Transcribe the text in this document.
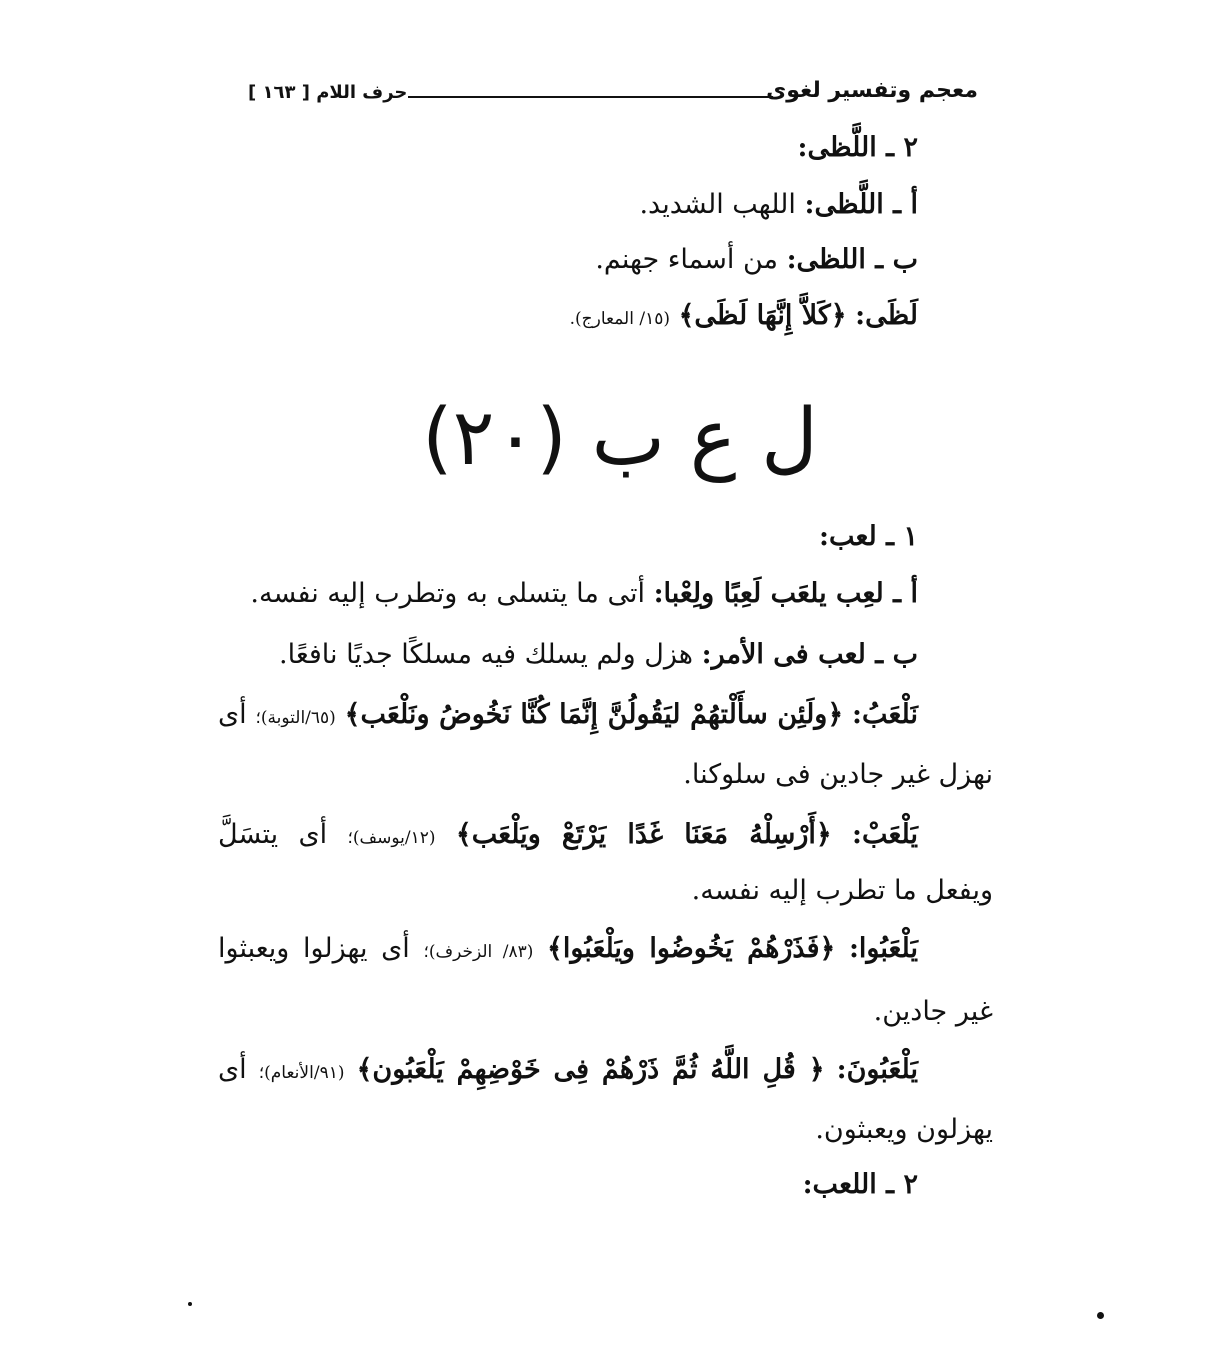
معجم وتفسير لغوى
حرف اللام [ ١٦٣ ]
٢ ـ اللَّظى:
أ ـ اللَّظى: اللهب الشديد.
ب ـ اللظى: من أسماء جهنم.
لَظَى: ﴿كَلاَّ إِنَّهَا لَظَى﴾ (١٥/ المعارج).
ل ع ب (٢٠)
١ ـ لعب:
أ ـ لعِب يلعَب لَعِبًا ولِعْبا: أتى ما يتسلى به وتطرب إليه نفسه.
ب ـ لعب فى الأمر: هزل ولم يسلك فيه مسلكًا جديًا نافعًا.
نَلْعَبُ: ﴿ولَئِن سأَلْتهُمْ ليَقُولُنَّ إِنَّمَا كُنَّا نَخُوضُ ونَلْعَب﴾ (٦٥/التوبة)؛ أى
نهزل غير جادين فى سلوكنا.
يَلْعَبْ: ﴿أَرْسِلْهُ مَعَنَا غَدًا يَرْتَعْ ويَلْعَب﴾ (١٢/يوسف)؛ أى يتسَلَّ
ويفعل ما تطرب إليه نفسه.
يَلْعَبُوا: ﴿فَذَرْهُمْ يَخُوضُوا ويَلْعَبُوا﴾ (٨٣/ الزخرف)؛ أى يهزلوا ويعبثوا
غير جادين.
يَلْعَبُونَ: ﴿ قُلِ اللَّهُ ثُمَّ ذَرْهُمْ فِى خَوْضِهِمْ يَلْعَبُون﴾ (٩١/الأنعام)؛ أى
يهزلون ويعبثون.
٢ ـ اللعب:
